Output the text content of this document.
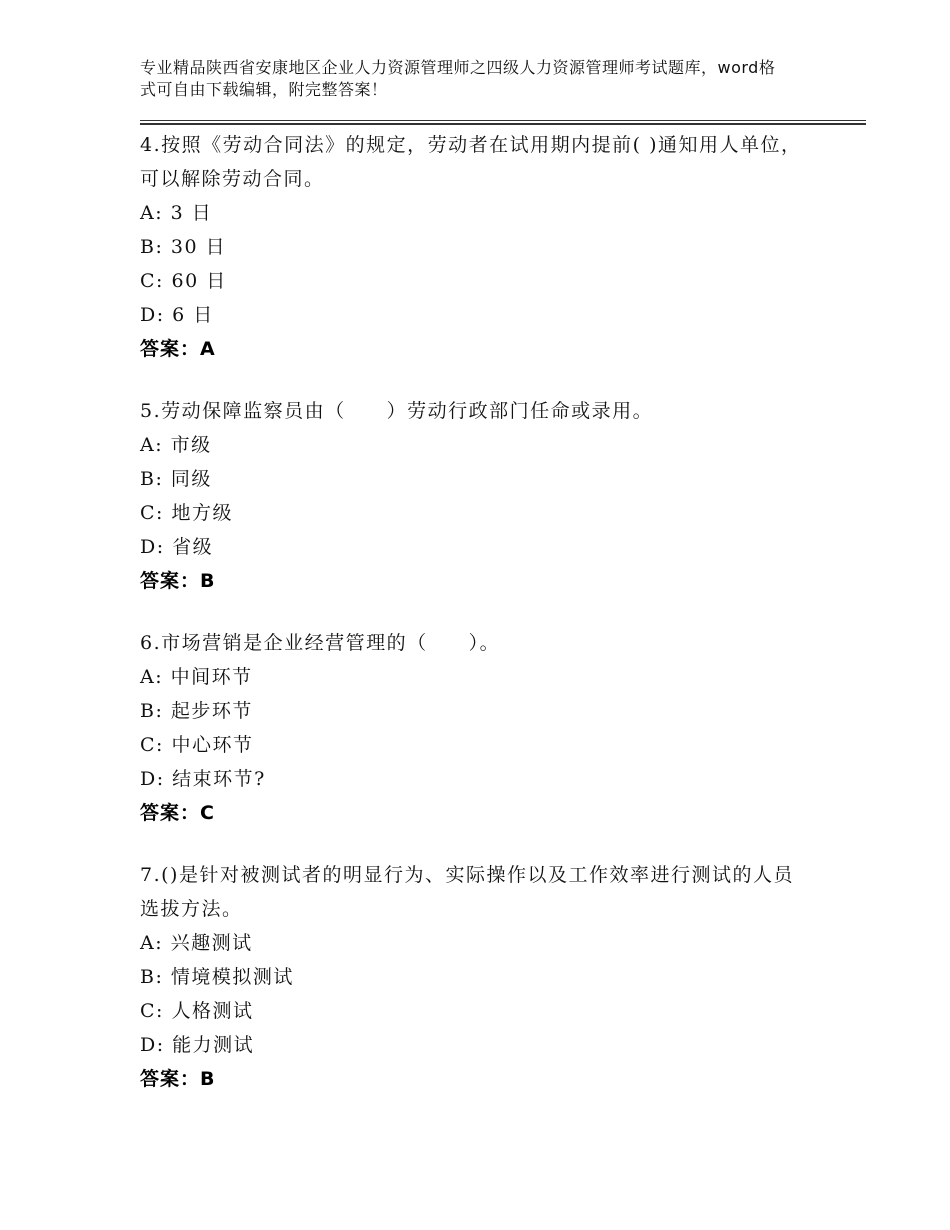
专业精品陕西省安康地区企业人力资源管理师之四级人力资源管理师考试题库，word格式可自由下载编辑，附完整答案！

4.按照《劳动合同法》的规定，劳动者在试用期内提前( )通知用人单位，可以解除劳动合同。

A: 3 日

B: 30 日

C: 60 日

D: 6 日

答案：A

5.劳动保障监察员由（　　）劳动行政部门任命或录用。

A: 市级

B: 同级

C: 地方级

D: 省级

答案：B

6.市场营销是企业经营管理的（　　）。

A: 中间环节

B: 起步环节

C: 中心环节

D: 结束环节?

答案：C

7.()是针对被测试者的明显行为、实际操作以及工作效率进行测试的人员选拔方法。

A: 兴趣测试

B: 情境模拟测试

C: 人格测试

D: 能力测试

答案：B
